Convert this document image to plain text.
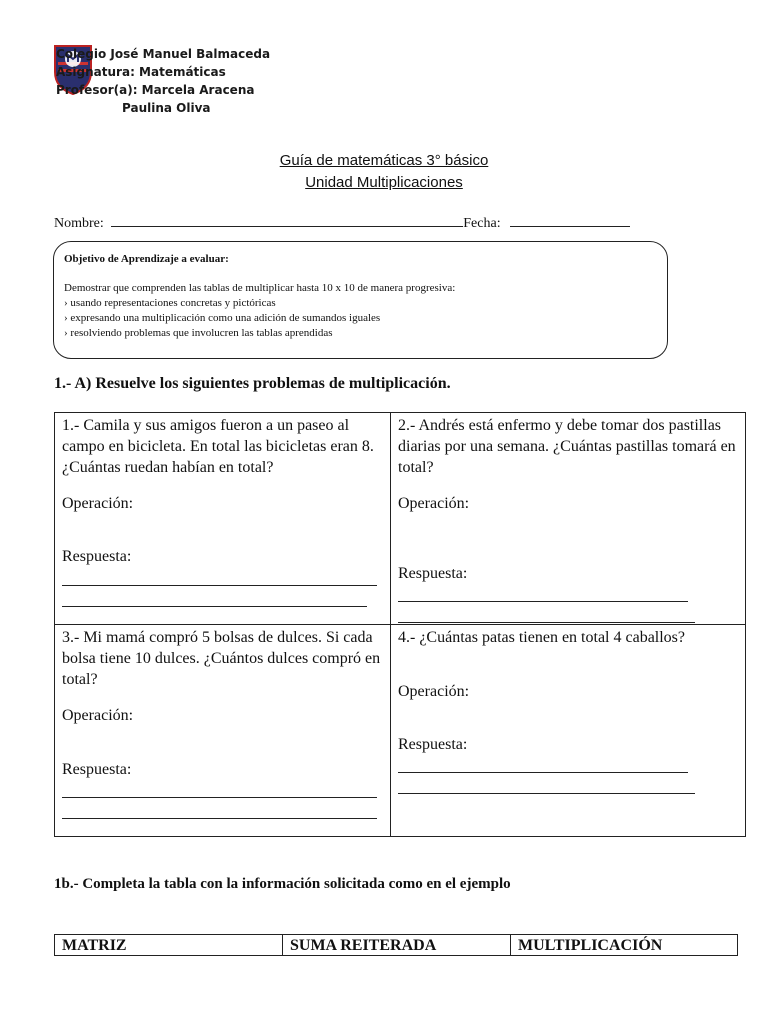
Colegio José Manuel Balmaceda
Asignatura: Matemáticas
Profesor(a): Marcela Aracena
Paulina Oliva
Guía de matemáticas 3° básico
Unidad Multiplicaciones
Nombre:	Fecha:
Objetivo de Aprendizaje a evaluar:
Demostrar que comprenden las tablas de multiplicar hasta 10 x 10 de manera progresiva:
› usando representaciones concretas y pictóricas
› expresando una multiplicación como una adición de sumandos iguales
› resolviendo problemas que involucren las tablas aprendidas
1.- A) Resuelve los siguientes problemas de multiplicación.
1.- Camila y sus amigos fueron a un paseo al campo en bicicleta. En total las bicicletas eran 8. ¿Cuántas ruedan habían en total?
Operación:
Respuesta:
2.- Andrés está enfermo y debe tomar dos pastillas diarias por una semana. ¿Cuántas pastillas tomará en total?
Operación:
Respuesta:
3.- Mi mamá compró 5 bolsas de dulces. Si cada bolsa tiene 10 dulces. ¿Cuántos dulces compró en total?
Operación:
Respuesta:
4.- ¿Cuántas patas tienen en total 4 caballos?
Operación:
Respuesta:
1b.- Completa la tabla con la información solicitada como en el ejemplo
MATRIZ	SUMA REITERADA	MULTIPLICACIÓN
